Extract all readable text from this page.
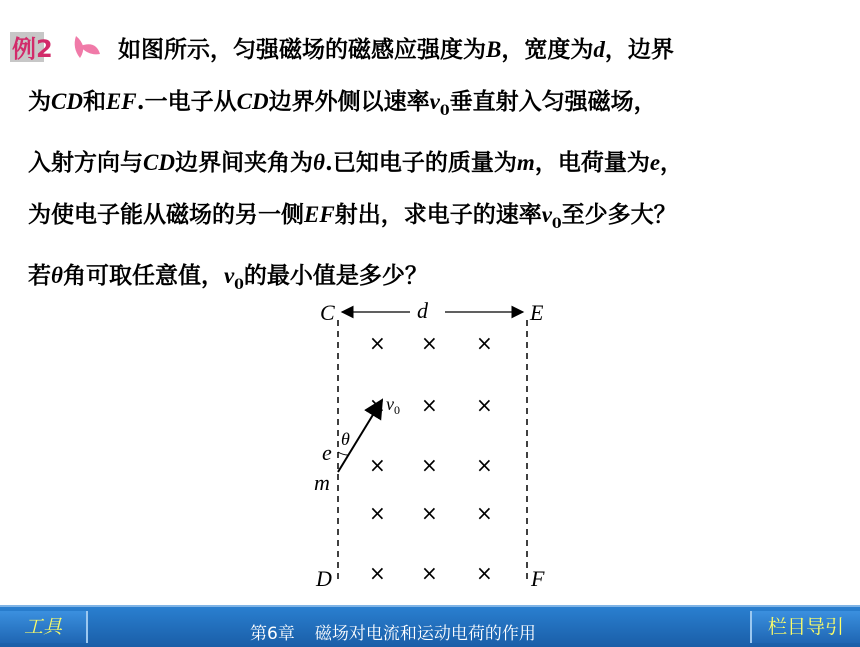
例2	如图所示，匀强磁场的磁感应强度为B，宽度为d，边界

为CD和EF.一电子从CD边界外侧以速率$v_0$垂直射入匀强磁场，

入射方向与CD边界间夹角为θ.已知电子的质量为m，电荷量为e，

为使电子能从磁场的另一侧EF射出，求电子的速率$v_0$至少多大？

若θ角可取任意值，$v_0$的最小值是多少？

C	E
d
D	F
e
m
θ
$v_0$
× × ×
× × ×
× × ×
× × ×
× × ×
工具	第6章 磁场对电流和运动电荷的作用	栏目导引
